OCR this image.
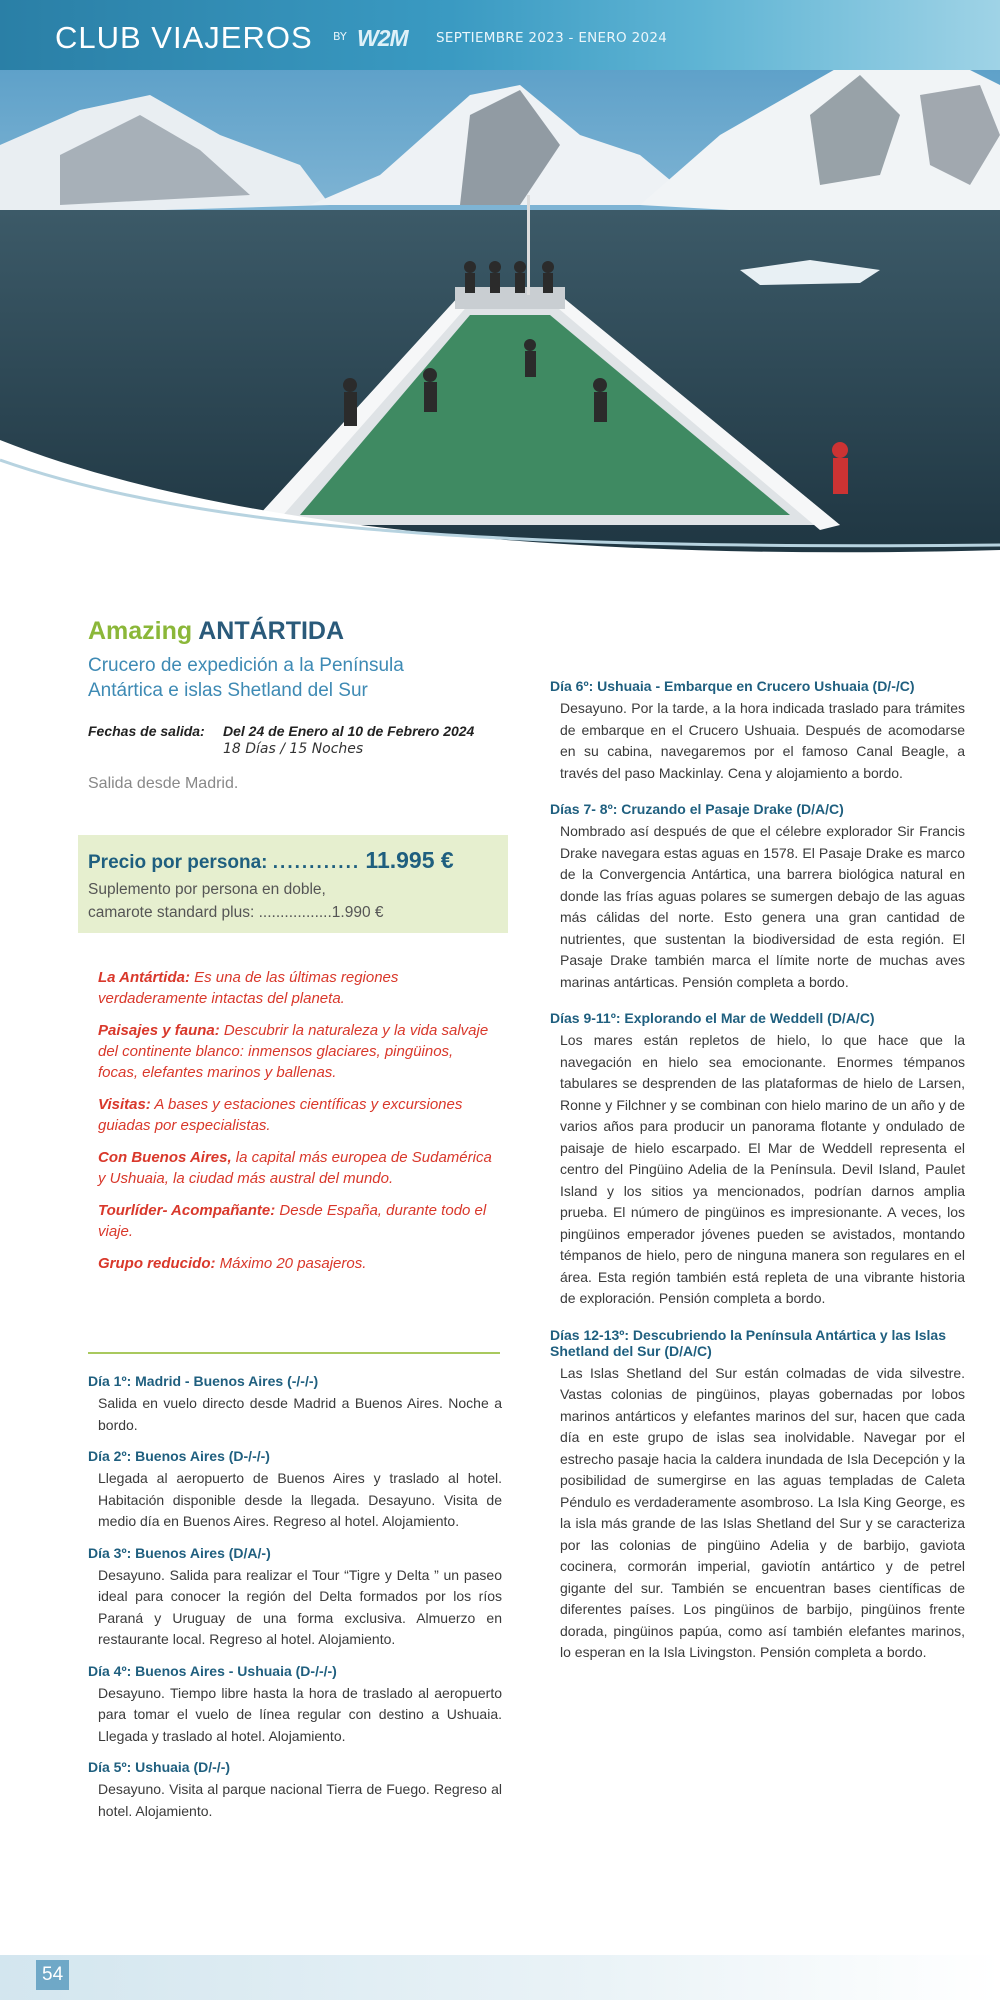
CLUB VIAJEROS BY W2M SEPTIEMBRE 2023 - ENERO 2024
Amazing ANTÁRTIDA
Crucero de expedición a la Península
Antártica e islas Shetland del Sur
Fechas de salida:	Del 24 de Enero al 10 de Febrero 2024
18 Días / 15 Noches
Salida desde Madrid.
Precio por persona: ............ 11.995 €
Suplemento por persona en doble,
camarote standard plus: .................1.990 €
La Antártida: Es una de las últimas regiones verdaderamente intactas del planeta.
Paisajes y fauna: Descubrir la naturaleza y la vida salvaje del continente blanco: inmensos glaciares, pingüinos, focas, elefantes marinos y ballenas.
Visitas: A bases y estaciones científicas y excursiones guiadas por especialistas.
Con Buenos Aires, la capital más europea de Sudamérica y Ushuaia, la ciudad más austral del mundo.
Tourlíder- Acompañante: Desde España, durante todo el viaje.
Grupo reducido: Máximo 20 pasajeros.
Día 1º: Madrid - Buenos Aires (-/-/-)
Salida en vuelo directo desde Madrid a Buenos Aires. Noche a bordo.
Día 2º: Buenos Aires (D-/-/-)
Llegada al aeropuerto de Buenos Aires y traslado al hotel. Habitación disponible desde la llegada. Desayuno. Visita de medio día en Buenos Aires. Regreso al hotel. Alojamiento.
Día 3º: Buenos Aires (D/A/-)
Desayuno. Salida para realizar el Tour “Tigre y Delta ” un paseo ideal para conocer la región del Delta formados por los ríos Paraná y Uruguay de una forma exclusiva. Almuerzo en restaurante local. Regreso al hotel. Alojamiento.
Día 4º: Buenos Aires - Ushuaia (D-/-/-)
Desayuno. Tiempo libre hasta la hora de traslado al aeropuerto para tomar el vuelo de línea regular con destino a Ushuaia. Llegada y traslado al hotel. Alojamiento.
Día 5º: Ushuaia (D/-/-)
Desayuno. Visita al parque nacional Tierra de Fuego. Regreso al hotel. Alojamiento.
Día 6º: Ushuaia - Embarque en Crucero Ushuaia (D/-/C)
Desayuno. Por la tarde, a la hora indicada traslado para trámites de embarque en el Crucero Ushuaia. Después de acomodarse en su cabina, navegaremos por el famoso Canal Beagle, a través del paso Mackinlay. Cena y alojamiento a bordo.
Días 7- 8º: Cruzando el Pasaje Drake (D/A/C)
Nombrado así después de que el célebre explorador Sir Francis Drake navegara estas aguas en 1578. El Pasaje Drake es marco de la Convergencia Antártica, una barrera biológica natural en donde las frías aguas polares se sumergen debajo de las aguas más cálidas del norte. Esto genera una gran cantidad de nutrientes, que sustentan la biodiversidad de esta región. El Pasaje Drake también marca el límite norte de muchas aves marinas antárticas. Pensión completa a bordo.
Días 9-11º: Explorando el Mar de Weddell (D/A/C)
Los mares están repletos de hielo, lo que hace que la navegación en hielo sea emocionante. Enormes témpanos tabulares se desprenden de las plataformas de hielo de Larsen, Ronne y Filchner y se combinan con hielo marino de un año y de varios años para producir un panorama flotante y ondulado de paisaje de hielo escarpado. El Mar de Weddell representa el centro del Pingüino Adelia de la Península. Devil Island, Paulet Island y los sitios ya mencionados, podrían darnos amplia prueba. El número de pingüinos es impresionante. A veces, los pingüinos emperador jóvenes pueden se avistados, montando témpanos de hielo, pero de ninguna manera son regulares en el área. Esta región también está repleta de una vibrante historia de exploración. Pensión completa a bordo.
Días 12-13º: Descubriendo la Península Antártica y las Islas Shetland del Sur (D/A/C)
Las Islas Shetland del Sur están colmadas de vida silvestre. Vastas colonias de pingüinos, playas gobernadas por lobos marinos antárticos y elefantes marinos del sur, hacen que cada día en este grupo de islas sea inolvidable. Navegar por el estrecho pasaje hacia la caldera inundada de Isla Decepción y la posibilidad de sumergirse en las aguas templadas de Caleta Péndulo es verdaderamente asombroso. La Isla King George, es la isla más grande de las Islas Shetland del Sur y se caracteriza por las colonias de pingüino Adelia y de barbijo, gaviota cocinera, cormorán imperial, gaviotín antártico y de petrel gigante del sur. También se encuentran bases científicas de diferentes países. Los pingüinos de barbijo, pingüinos frente dorada, pingüinos papúa, como así también elefantes marinos, lo esperan en la Isla Livingston. Pensión completa a bordo.
54
